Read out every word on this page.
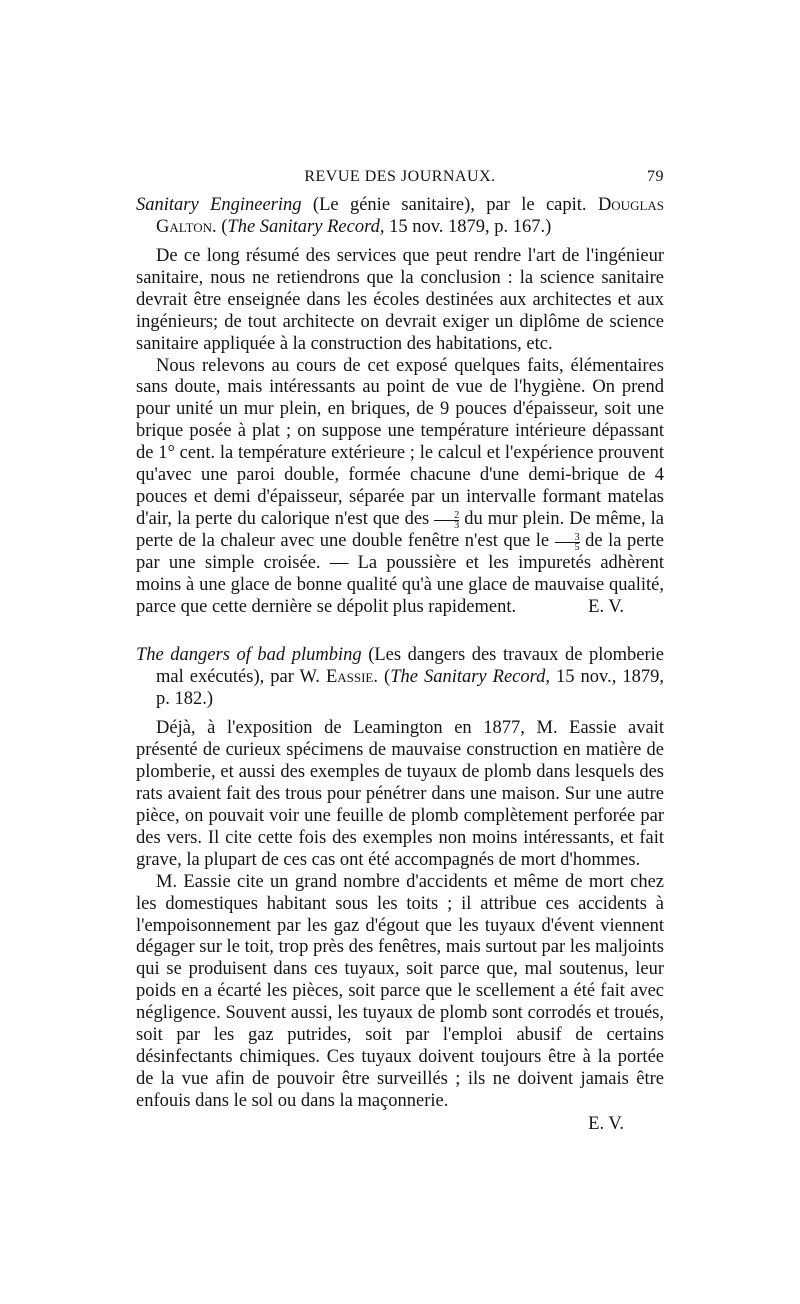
REVUE DES JOURNAUX.	79

Sanitary Engineering (Le génie sanitaire), par le capit. Douglas Galton. (The Sanitary Record, 15 nov. 1879, p. 167.)

De ce long résumé des services que peut rendre l'art de l'ingénieur sanitaire, nous ne retiendrons que la conclusion : la science sanitaire devrait être enseignée dans les écoles destinées aux architectes et aux ingénieurs; de tout architecte on devrait exiger un diplôme de science sanitaire appliquée à la construction des habitations, etc.

Nous relevons au cours de cet exposé quelques faits, élémentaires sans doute, mais intéressants au point de vue de l'hygiène. On prend pour unité un mur plein, en briques, de 9 pouces d'épaisseur, soit une brique posée à plat ; on suppose une température intérieure dépassant de 1° cent. la température extérieure ; le calcul et l'expérience prouvent qu'avec une paroi double, formée chacune d'une demi-brique de 4 pouces et demi d'épaisseur, séparée par un intervalle formant matelas d'air, la perte du calorique n'est que des $\frac{2}{3}$ du mur plein. De même, la perte de la chaleur avec une double fenêtre n'est que le $\frac{3}{5}$ de la perte par une simple croisée. — La poussière et les impuretés adhèrent moins à une glace de bonne qualité qu'à une glace de mauvaise qualité, parce que cette dernière se dépolit plus rapidement.	E. V.

The dangers of bad plumbing (Les dangers des travaux de plomberie mal exécutés), par W. Eassie. (The Sanitary Record, 15 nov., 1879, p. 182.)

Déjà, à l'exposition de Leamington en 1877, M. Eassie avait présenté de curieux spécimens de mauvaise construction en matière de plomberie, et aussi des exemples de tuyaux de plomb dans lesquels des rats avaient fait des trous pour pénétrer dans une maison. Sur une autre pièce, on pouvait voir une feuille de plomb complètement perforée par des vers. Il cite cette fois des exemples non moins intéressants, et fait grave, la plupart de ces cas ont été accompagnés de mort d'hommes.

M. Eassie cite un grand nombre d'accidents et même de mort chez les domestiques habitant sous les toits ; il attribue ces accidents à l'empoisonnement par les gaz d'égout que les tuyaux d'évent viennent dégager sur le toit, trop près des fenêtres, mais surtout par les maljoints qui se produisent dans ces tuyaux, soit parce que, mal soutenus, leur poids en a écarté les pièces, soit parce que le scellement a été fait avec négligence. Souvent aussi, les tuyaux de plomb sont corrodés et troués, soit par les gaz putrides, soit par l'emploi abusif de certains désinfectants chimiques. Ces tuyaux doivent toujours être à la portée de la vue afin de pouvoir être surveillés ; ils ne doivent jamais être enfouis dans le sol ou dans la maçonnerie.

E. V.
